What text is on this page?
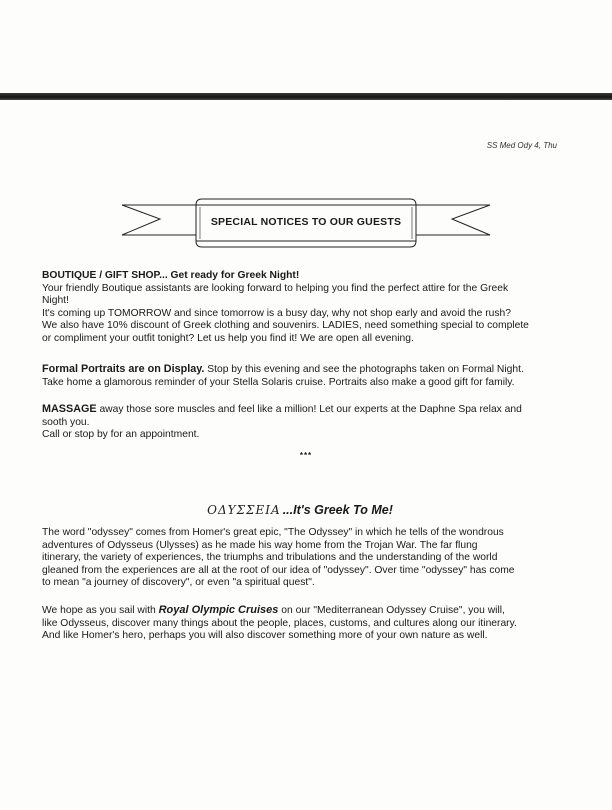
SS Med Ody 4, Thu
SPECIAL NOTICES TO OUR GUESTS

BOUTIQUE / GIFT SHOP... Get ready for Greek Night!

Your friendly Boutique assistants are looking forward to helping you find the perfect attire for the Greek

Night!

It's coming up TOMORROW and since tomorrow is a busy day, why not shop early and avoid the rush?

We also have 10% discount of Greek clothing and souvenirs. LADIES, need something special to complete

or compliment your outfit tonight? Let us help you find it! We are open all evening.

Formal Portraits are on Display. Stop by this evening and see the photographs taken on Formal Night.

Take home a glamorous reminder of your Stella Solaris cruise. Portraits also make a good gift for family.

MASSAGE away those sore muscles and feel like a million! Let our experts at the Daphne Spa relax and

sooth you.

Call or stop by for an appointment.

***
ΟΔΥΣΣΕΙΑ ...It's Greek To Me!

The word "odyssey" comes from Homer's great epic, "The Odyssey" in which he tells of the wondrous

adventures of Odysseus (Ulysses) as he made his way home from the Trojan War. The far flung

itinerary, the variety of experiences, the triumphs and tribulations and the understanding of the world

gleaned from the experiences are all at the root of our idea of "odyssey". Over time "odyssey" has come

to mean "a journey of discovery", or even "a spiritual quest".

We hope as you sail with Royal Olympic Cruises on our "Mediterranean Odyssey Cruise", you will,

like Odysseus, discover many things about the people, places, customs, and cultures along our itinerary.

And like Homer's hero, perhaps you will also discover something more of your own nature as well.
